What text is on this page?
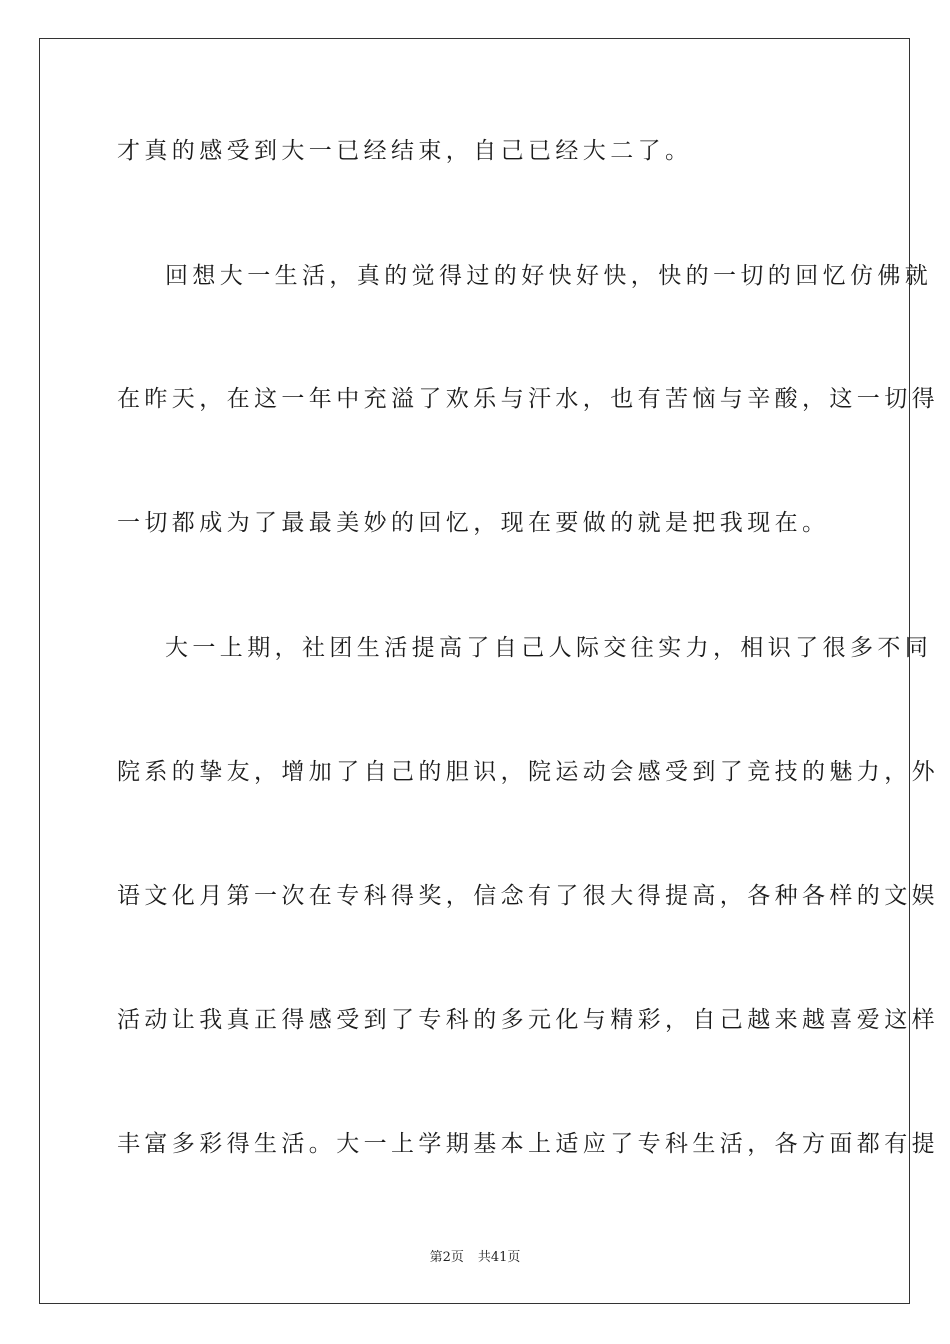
才真的感受到大一已经结束，自己已经大二了。
回想大一生活，真的觉得过的好快好快，快的一切的回忆仿佛就
在昨天，在这一年中充溢了欢乐与汗水，也有苦恼与辛酸，这一切得
一切都成为了最最美妙的回忆，现在要做的就是把我现在。
大一上期，社团生活提高了自己人际交往实力，相识了很多不同
院系的挚友，增加了自己的胆识，院运动会感受到了竞技的魅力，外
语文化月第一次在专科得奖，信念有了很大得提高，各种各样的文娱
活动让我真正得感受到了专科的多元化与精彩，自己越来越喜爱这样
丰富多彩得生活。大一上学期基本上适应了专科生活，各方面都有提
第2页 共41页
